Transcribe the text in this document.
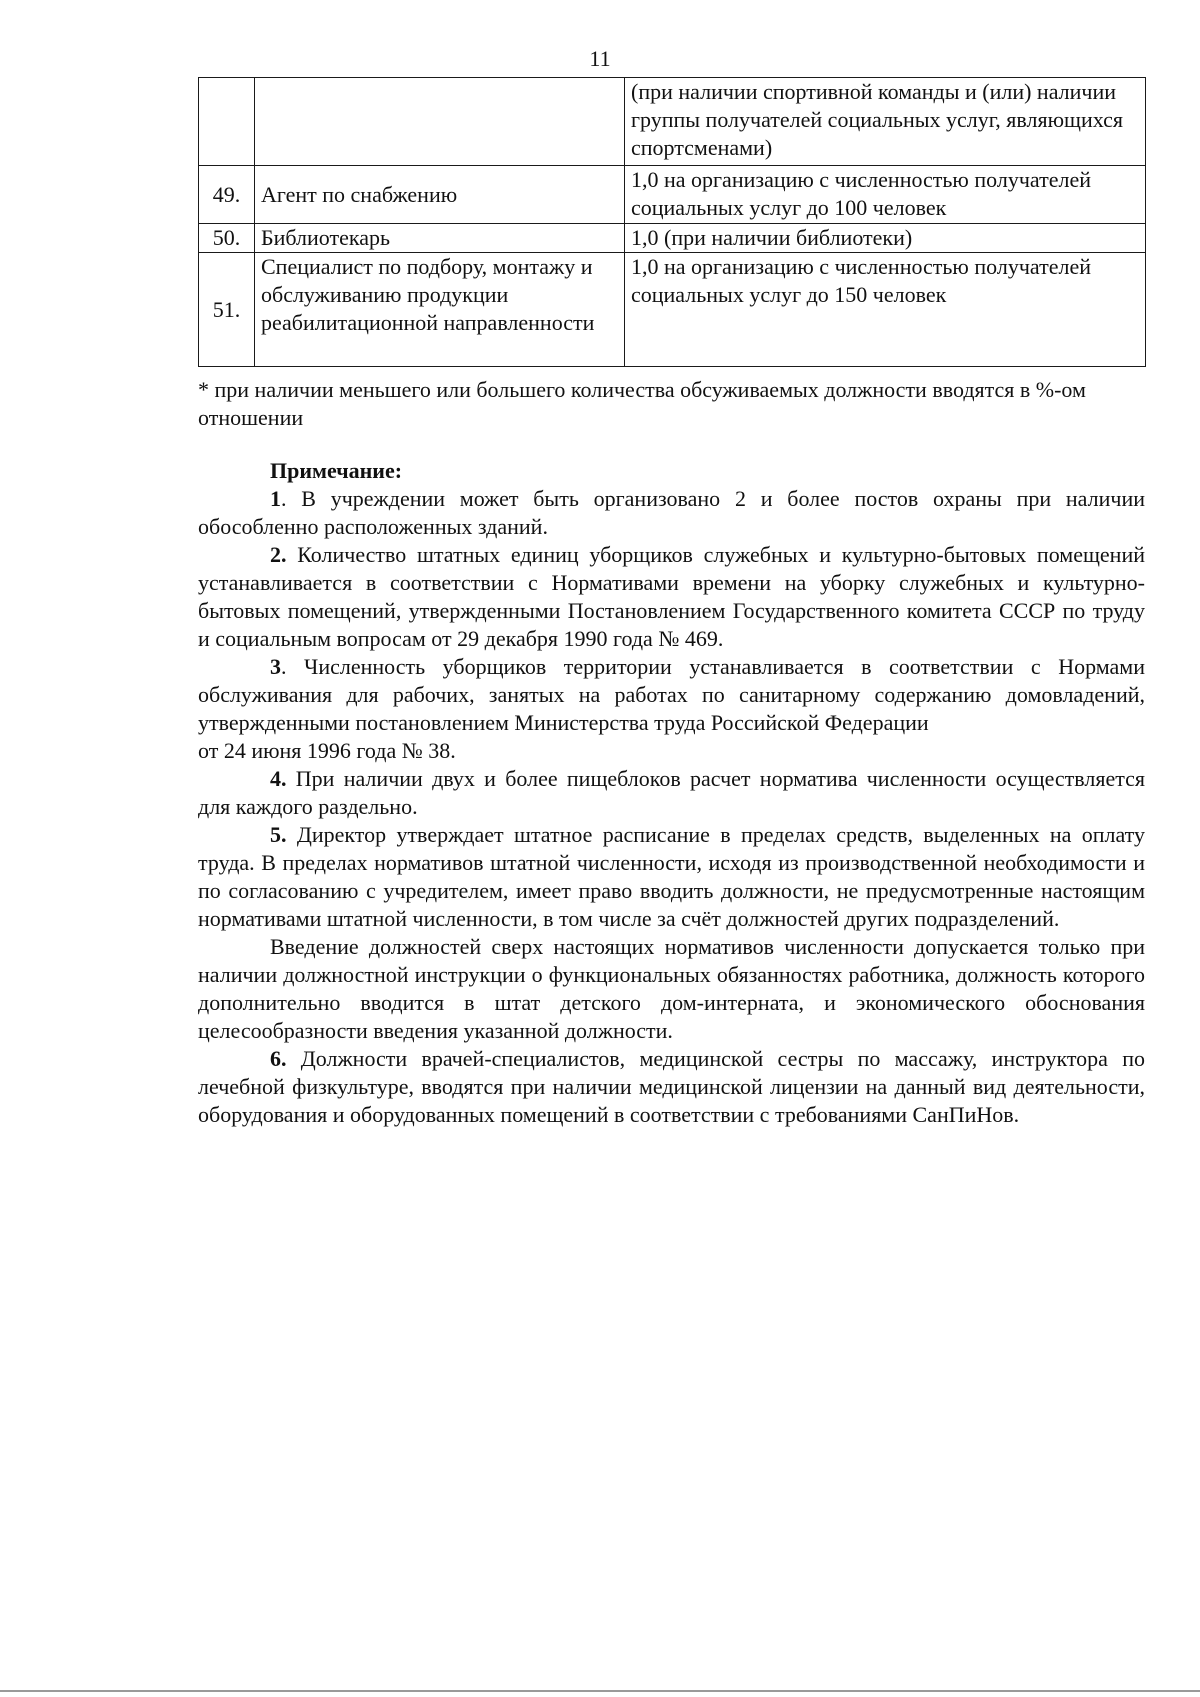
11
		(при наличии спортивной команды и (или) наличии группы получателей социальных услуг, являющихся спортсменами)
49.	Агент по снабжению	1,0 на организацию с численностью получателей социальных услуг до 100 человек
50.	Библиотекарь	1,0 (при наличии библиотеки)
51.	Специалист по подбору, монтажу и обслуживанию продукции реабилитационной направленности	1,0 на организацию с численностью получателей социальных услуг до 150 человек
* при наличии меньшего или большего количества обсуживаемых должности вводятся в %-ом отношении
Примечание:

1. В учреждении может быть организовано 2 и более постов охраны при наличии обособленно расположенных зданий.

2. Количество штатных единиц уборщиков служебных и культурно-бытовых помещений устанавливается в соответствии с Нормативами времени на уборку служебных и культурно-бытовых помещений, утвержденными Постановлением Государственного комитета СССР по труду и социальным вопросам от 29 декабря 1990 года № 469.

3. Численность уборщиков территории устанавливается в соответствии с Нормами обслуживания для рабочих, занятых на работах по санитарному содержанию домовладений, утвержденными постановлением Министерства труда Российской Федерации

от 24 июня 1996 года № 38.

4. При наличии двух и более пищеблоков расчет норматива численности осуществляется для каждого раздельно.

5. Директор утверждает штатное расписание в пределах средств, выделенных на оплату труда. В пределах нормативов штатной численности, исходя из производственной необходимости и по согласованию с учредителем, имеет право вводить должности, не предусмотренные настоящим нормативами штатной численности, в том числе за счёт должностей других подразделений.

Введение должностей сверх настоящих нормативов численности допускается только при наличии должностной инструкции о функциональных обязанностях работника, должность которого дополнительно вводится в штат детского дом-интерната, и экономического обоснования целесообразности введения указанной должности.

6. Должности врачей-специалистов, медицинской сестры по массажу, инструктора по лечебной физкультуре, вводятся при наличии медицинской лицензии на данный вид деятельности, оборудования и оборудованных помещений в соответствии с требованиями СанПиНов.
